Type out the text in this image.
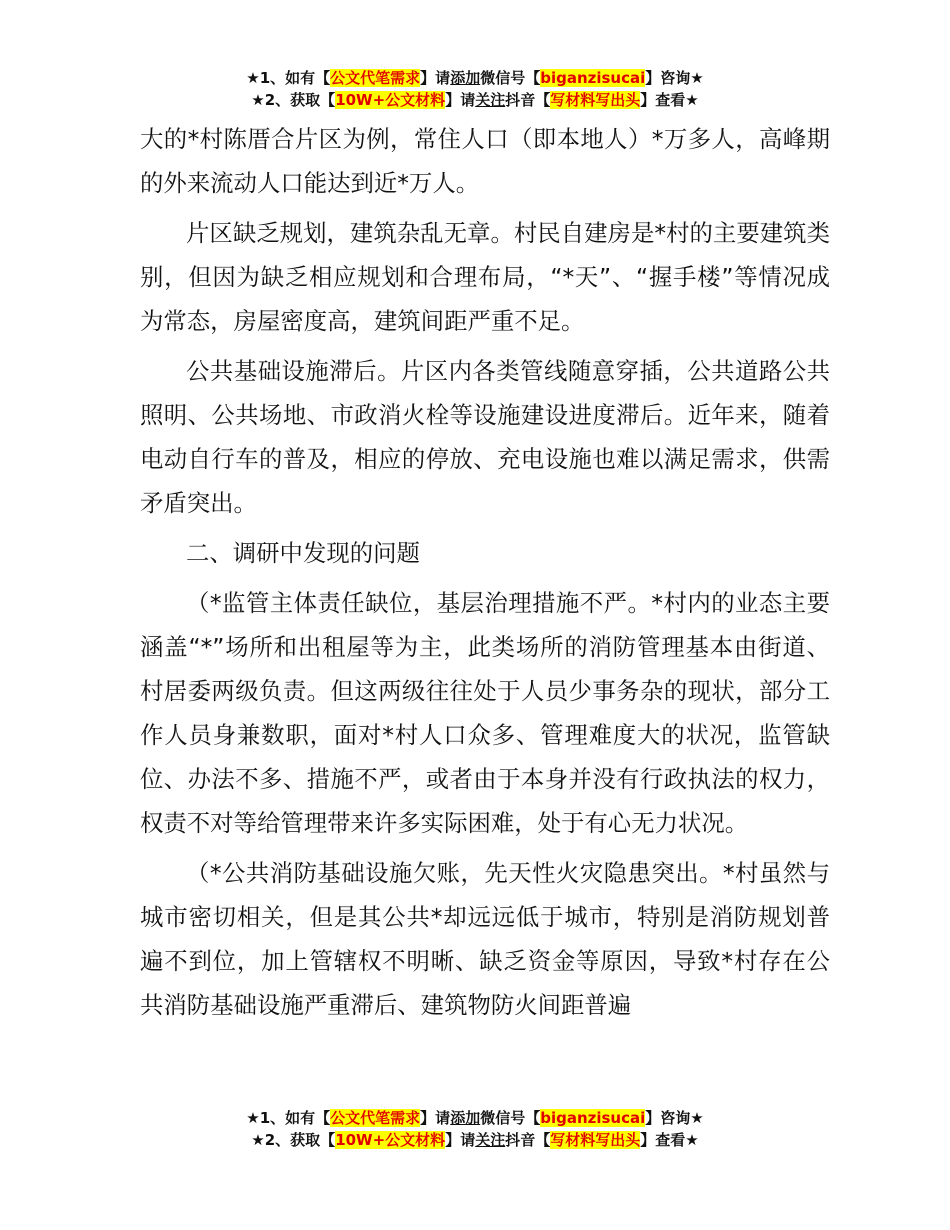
★1、如有【公文代笔需求】请添加微信号【biganzisucai】咨询★
★2、获取【10W+公文材料】请关注抖音【写材料写出头】查看★

大的*村陈厝合片区为例，常住人口（即本地人）*万多人，高峰期的外来流动人口能达到近*万人。

片区缺乏规划，建筑杂乱无章。村民自建房是*村的主要建筑类别，但因为缺乏相应规划和合理布局，“*天”、“握手楼”等情况成为常态，房屋密度高，建筑间距严重不足。

公共基础设施滞后。片区内各类管线随意穿插，公共道路公共照明、公共场地、市政消火栓等设施建设进度滞后。近年来，随着电动自行车的普及，相应的停放、充电设施也难以满足需求，供需矛盾突出。

二、调研中发现的问题

（*监管主体责任缺位，基层治理措施不严。*村内的业态主要涵盖“*”场所和出租屋等为主，此类场所的消防管理基本由街道、村居委两级负责。但这两级往往处于人员少事务杂的现状，部分工作人员身兼数职，面对*村人口众多、管理难度大的状况，监管缺位、办法不多、措施不严，或者由于本身并没有行政执法的权力，权责不对等给管理带来许多实际困难，处于有心无力状况。

（*公共消防基础设施欠账，先天性火灾隐患突出。*村虽然与城市密切相关，但是其公共*却远远低于城市，特别是消防规划普遍不到位，加上管辖权不明晰、缺乏资金等原因，导致*村存在公共消防基础设施严重滞后、建筑物防火间距普遍

★1、如有【公文代笔需求】请添加微信号【biganzisucai】咨询★
★2、获取【10W+公文材料】请关注抖音【写材料写出头】查看★
